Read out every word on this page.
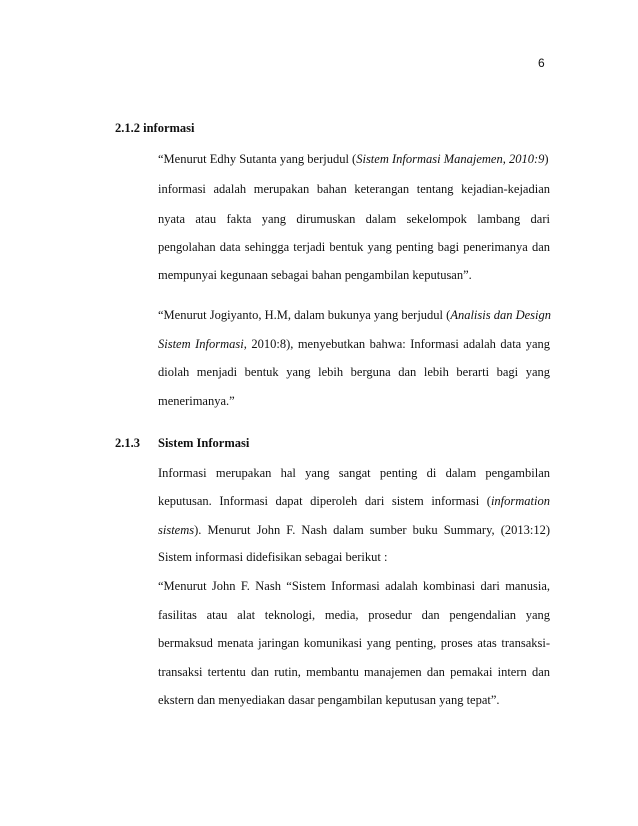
6
2.1.2 informasi
“Menurut Edhy Sutanta yang berjudul (Sistem Informasi Manajemen, 2010:9)
informasi adalah merupakan bahan keterangan tentang kejadian-kejadian
nyata atau fakta yang dirumuskan dalam sekelompok lambang dari
pengolahan data sehingga terjadi bentuk yang penting bagi penerimanya dan
mempunyai kegunaan sebagai bahan pengambilan keputusan”.
“Menurut Jogiyanto, H.M, dalam bukunya yang berjudul (Analisis dan Design
Sistem Informasi, 2010:8), menyebutkan bahwa: Informasi adalah data yang
diolah menjadi bentuk yang lebih berguna dan lebih berarti bagi yang
menerimanya.”
2.1.3 Sistem Informasi
Informasi merupakan hal yang sangat penting di dalam pengambilan
keputusan. Informasi dapat diperoleh dari sistem informasi (information
sistems). Menurut John F. Nash dalam sumber buku Summary, (2013:12)
Sistem informasi didefisikan sebagai berikut :
“Menurut John F. Nash “Sistem Informasi adalah kombinasi dari manusia,
fasilitas atau alat teknologi, media, prosedur dan pengendalian yang
bermaksud menata jaringan komunikasi yang penting, proses atas transaksi-
transaksi tertentu dan rutin, membantu manajemen dan pemakai intern dan
ekstern dan menyediakan dasar pengambilan keputusan yang tepat”.
